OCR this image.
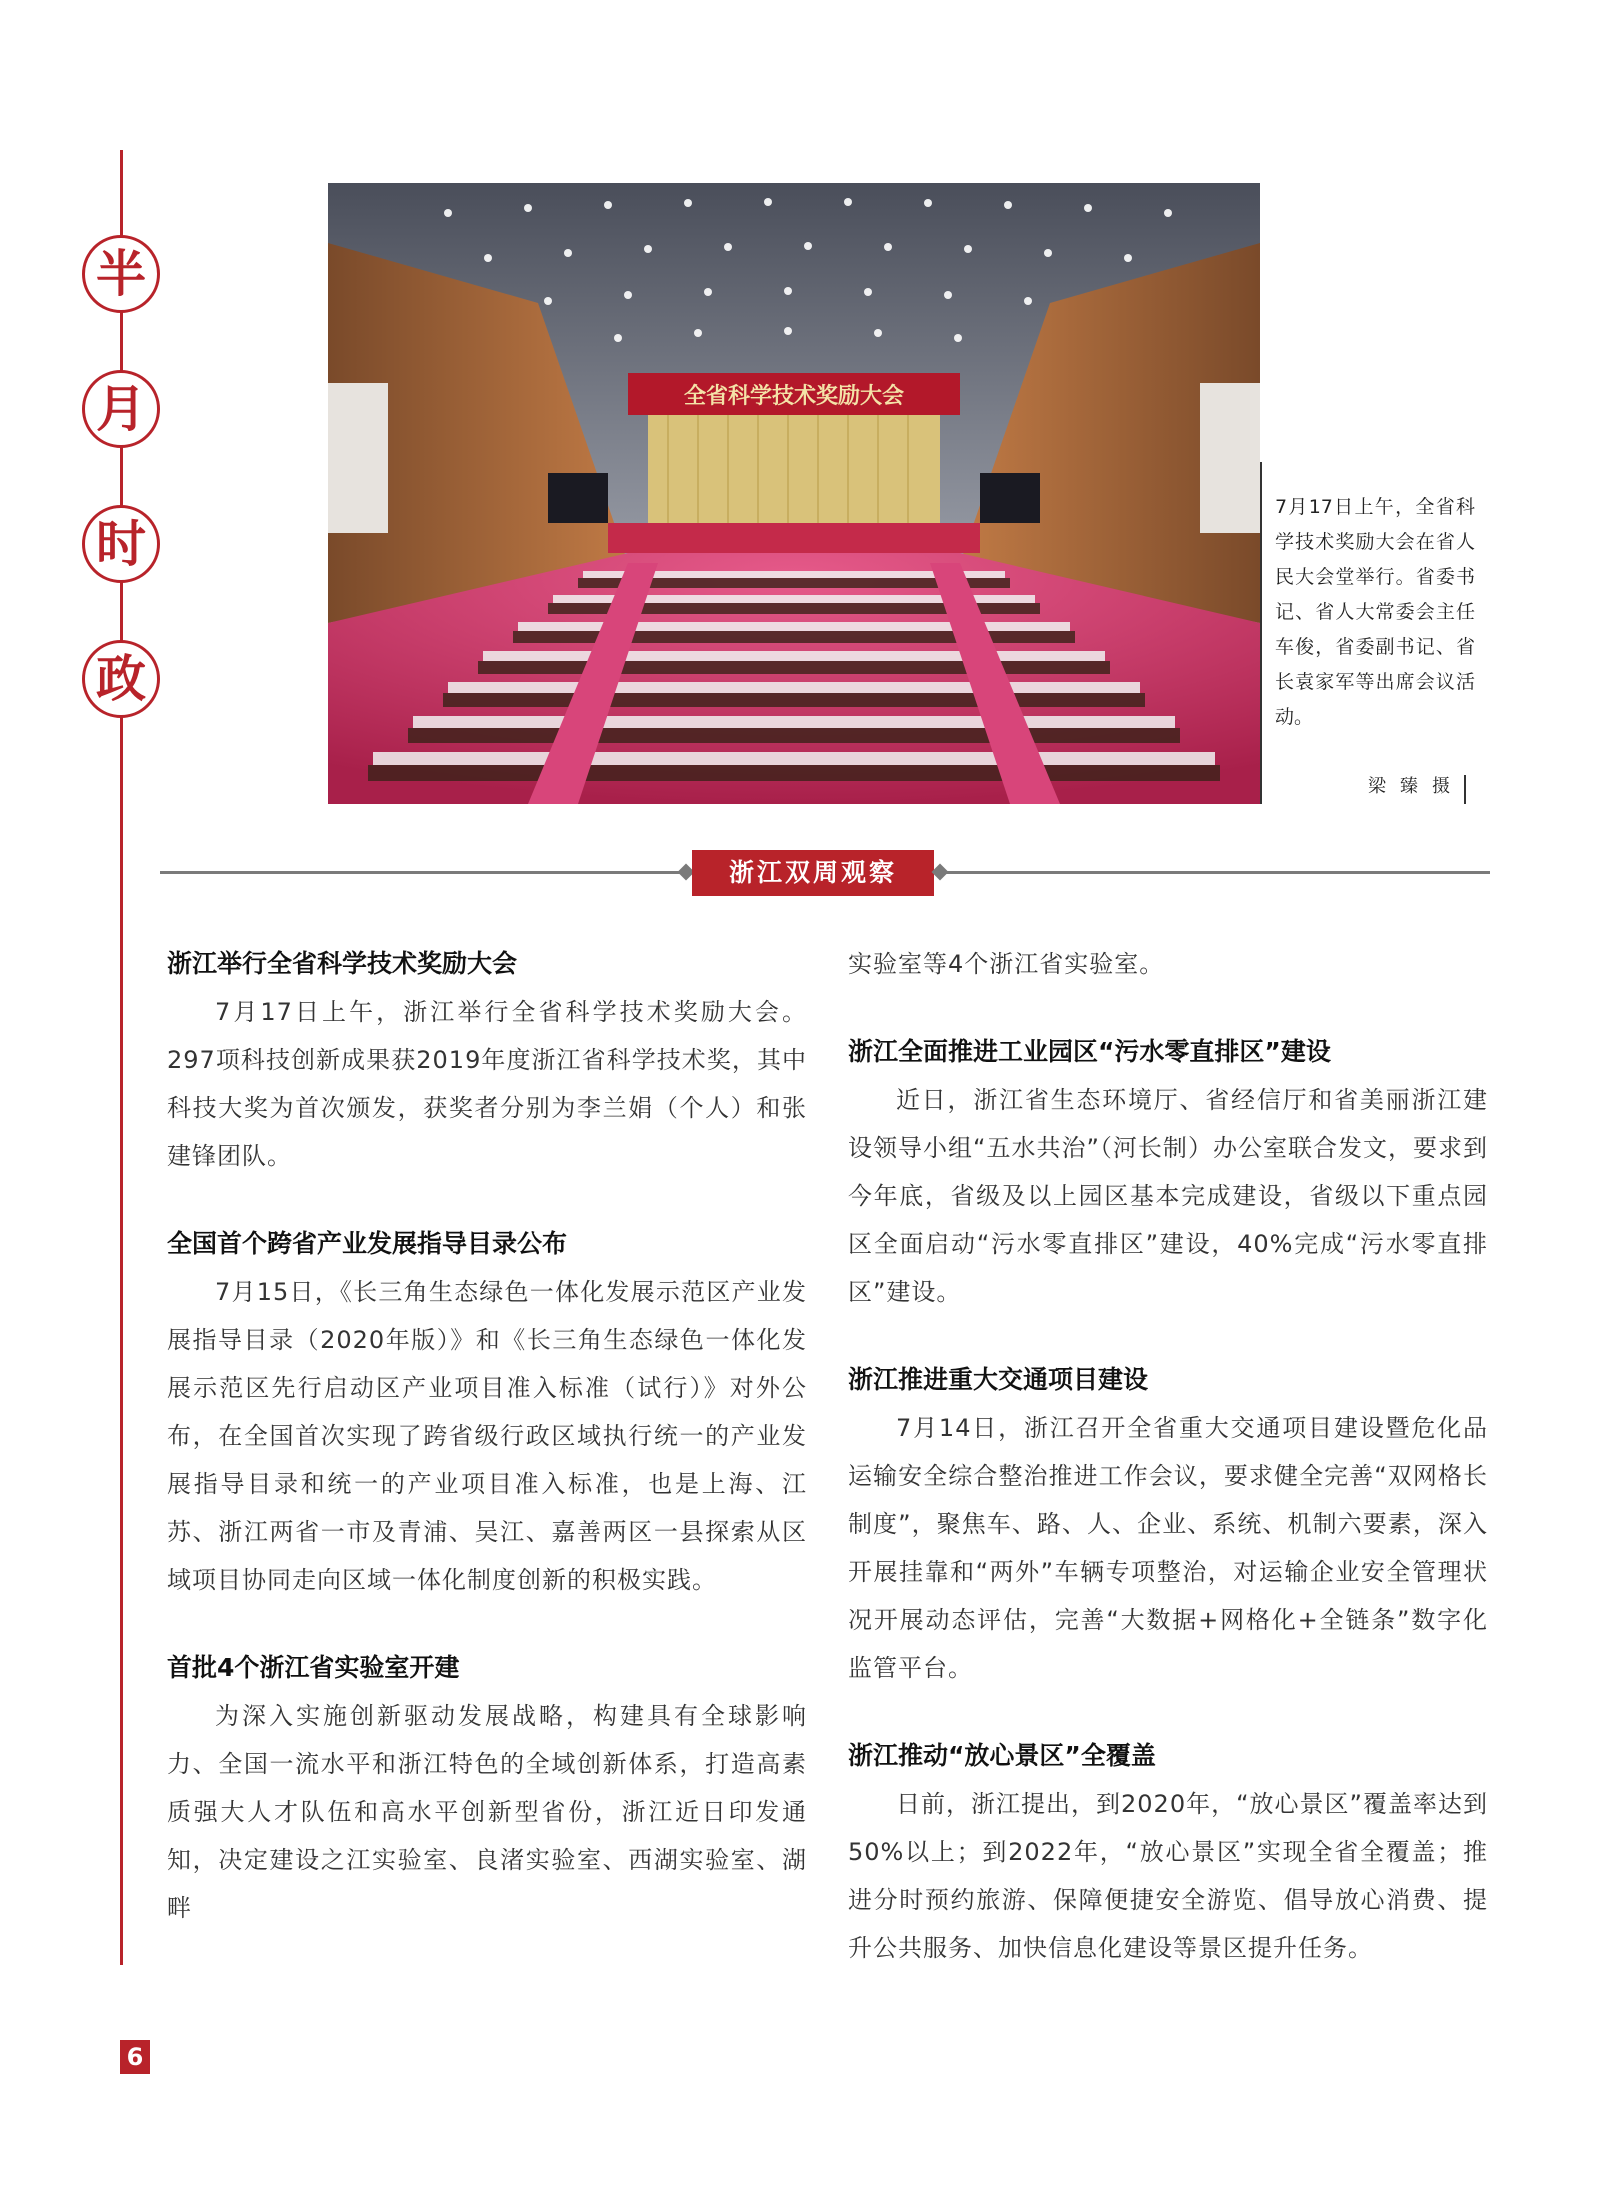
半
月
时
政
全省科学技术奖励大会
7月17日上午，全省科学技术奖励大会在省人民大会堂举行。省委书记、省人大常委会主任车俊，省委副书记、省长袁家军等出席会议活动。
梁臻摄
浙江双周观察

浙江举行全省科学技术奖励大会

7月17日上午，浙江举行全省科学技术奖励大会。297项科技创新成果获2019年度浙江省科学技术奖，其中科技大奖为首次颁发，获奖者分别为李兰娟（个人）和张建锋团队。

全国首个跨省产业发展指导目录公布

7月15日，《长三角生态绿色一体化发展示范区产业发展指导目录（2020年版）》和《长三角生态绿色一体化发展示范区先行启动区产业项目准入标准（试行）》对外公布，在全国首次实现了跨省级行政区域执行统一的产业发展指导目录和统一的产业项目准入标准，也是上海、江苏、浙江两省一市及青浦、吴江、嘉善两区一县探索从区域项目协同走向区域一体化制度创新的积极实践。

首批4个浙江省实验室开建

为深入实施创新驱动发展战略，构建具有全球影响力、全国一流水平和浙江特色的全域创新体系，打造高素质强大人才队伍和高水平创新型省份，浙江近日印发通知，决定建设之江实验室、良渚实验室、西湖实验室、湖畔

实验室等4个浙江省实验室。

浙江全面推进工业园区“污水零直排区”建设

近日，浙江省生态环境厅、省经信厅和省美丽浙江建设领导小组“五水共治”（河长制）办公室联合发文，要求到今年底，省级及以上园区基本完成建设，省级以下重点园区全面启动“污水零直排区”建设，40%完成“污水零直排区”建设。

浙江推进重大交通项目建设

7月14日，浙江召开全省重大交通项目建设暨危化品运输安全综合整治推进工作会议，要求健全完善“双网格长制度”，聚焦车、路、人、企业、系统、机制六要素，深入开展挂靠和“两外”车辆专项整治，对运输企业安全管理状况开展动态评估，完善“大数据+网格化+全链条”数字化监管平台。

浙江推动“放心景区”全覆盖

日前，浙江提出，到2020年，“放心景区”覆盖率达到50%以上；到2022年，“放心景区”实现全省全覆盖；推进分时预约旅游、保障便捷安全游览、倡导放心消费、提升公共服务、加快信息化建设等景区提升任务。

6
